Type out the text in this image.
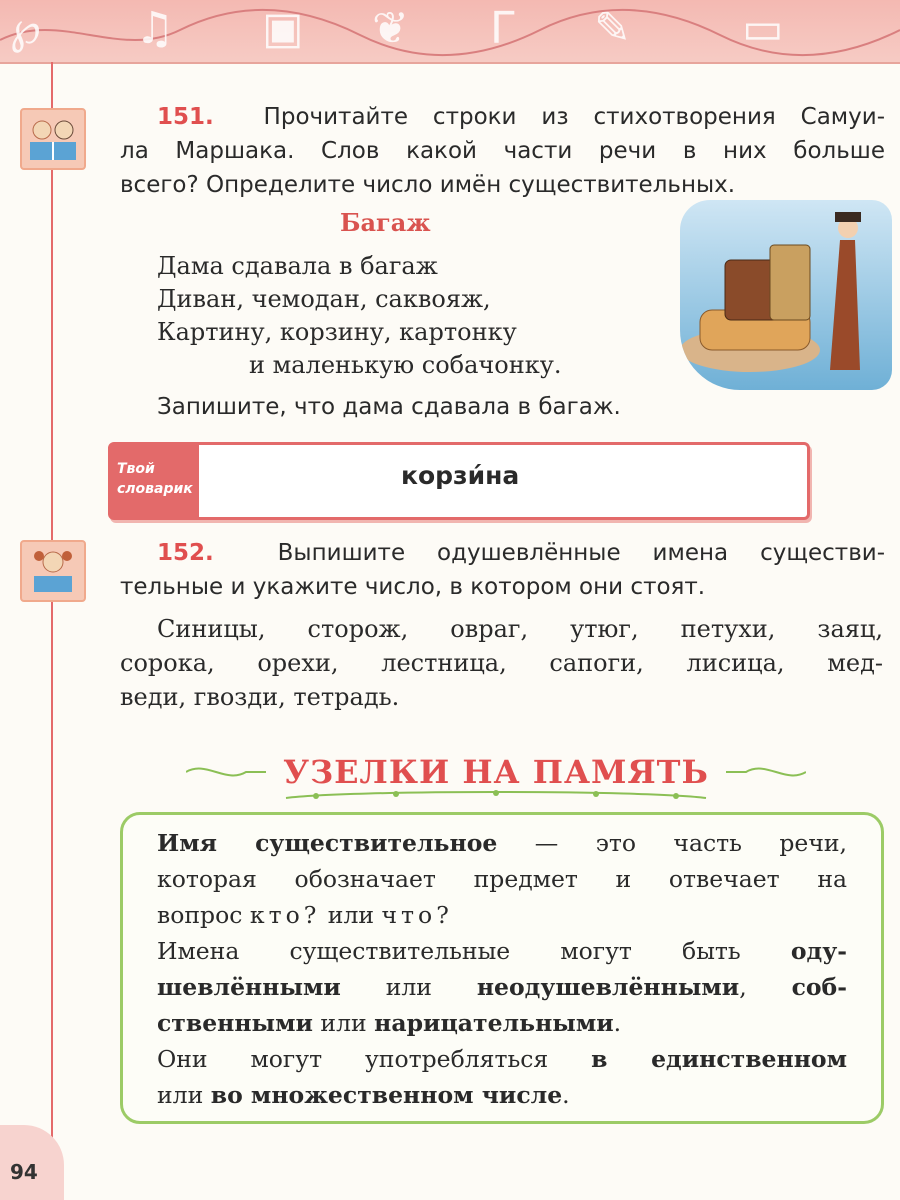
℘ ♫ ▣ ❦ Г ✎	▭
151. Прочитайте строки из стихотворения Самуи-
ла Маршака. Слов какой части речи в них больше
всего? Определите число имён существительных.
Багаж
Дама сдавала в багаж
Диван, чемодан, саквояж,
Картину, корзину, картонку
и маленькую собачонку.
Запишите, что дама сдавала в багаж.
Твой
словарик	корзи́на
152.	Выпишите одушевлённые имена существи-
тельные и укажите число, в котором они стоят.
Синицы, сторож, овраг, утюг, петухи, заяц,
сорока, орехи, лестница, сапоги, лисица, мед-
веди, гвозди, тетрадь.
УЗЕЛКИ НА ПАМЯТЬ

Имя существительное — это часть речи,

которая обозначает предмет и отвечает на

вопрос кто? или что?

Имена существительные могут быть оду-

шевлёнными или неодушевлёнными, соб-

ственными или нарицательными.

Они могут употребляться в единственном

или во множественном числе.

94
